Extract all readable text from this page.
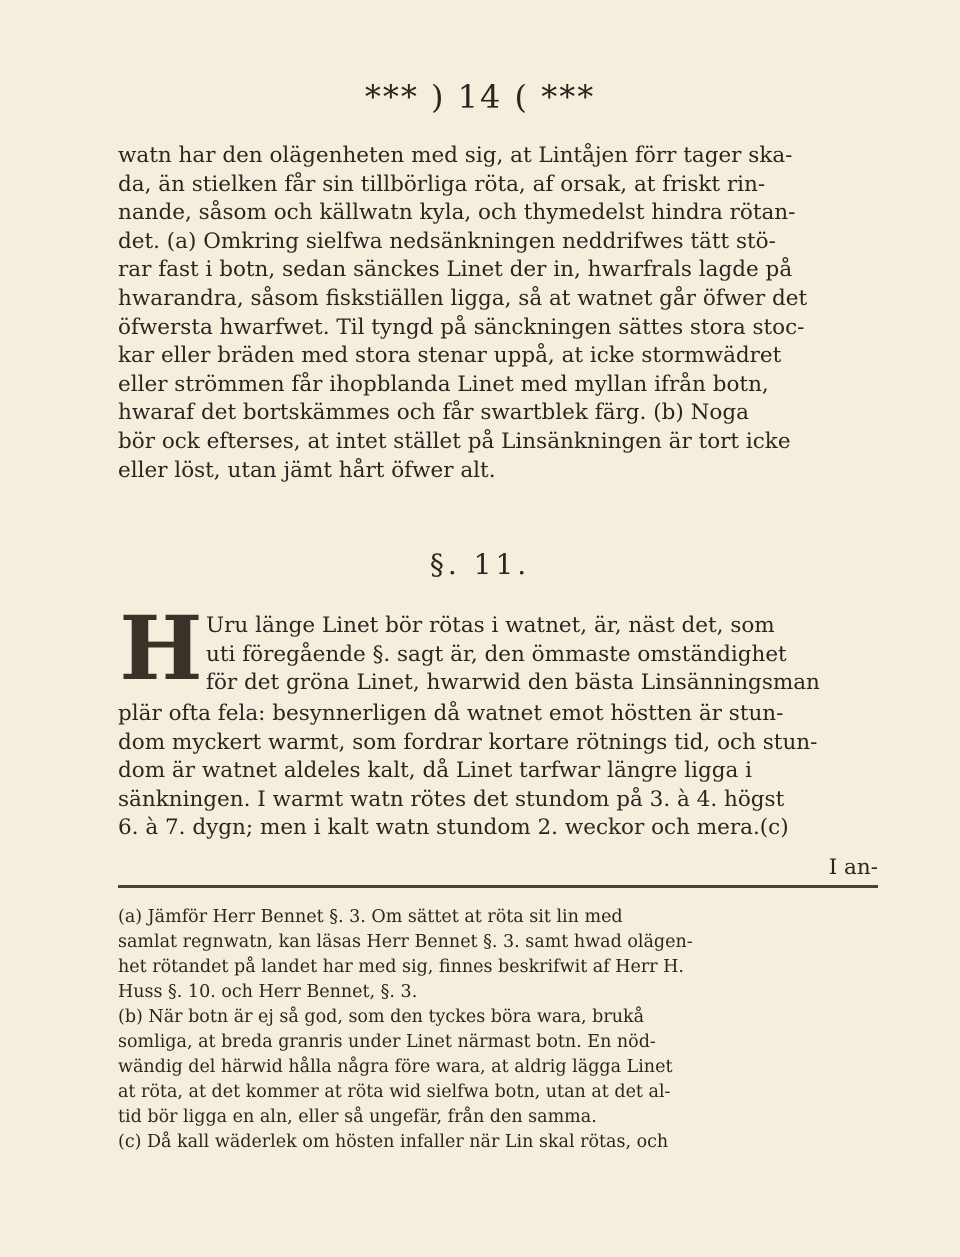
*** ) 14 ( ***
watn har den olägenheten med sig, at Lintåjen förr tager ska-
da, än stielken får sin tillbörliga röta, af orsak, at friskt rin-
nande, såsom och källwatn kyla, och thymedelst hindra rötan-
det. (a) Omkring sielfwa nedsänkningen neddrifwes tätt stö-
rar fast i botn, sedan sänckes Linet der in, hwarfrals lagde på
hwarandra, såsom fiskstiällen ligga, så at watnet går öfwer det
öfwersta hwarfwet. Til tyngd på sänckningen sättes stora stoc-
kar eller bräden med stora stenar uppå, at icke stormwädret
eller strömmen får ihopblanda Linet med myllan ifrån botn,
hwaraf det bortskämmes och får swartblek färg. (b) Noga
bör ock efterses, at intet stället på Linsänkningen är tort icke
eller löst, utan jämt hårt öfwer alt.
§. 11.
H Uru länge Linet bör rötas i watnet, är, näst det, som
uti föregående §. sagt är, den ömmaste omständighet
för det gröna Linet, hwarwid den bästa Linsänningsman
plär ofta fela: besynnerligen då watnet emot höstten är stun-
dom myckert warmt, som fordrar kortare rötnings tid, och stun-
dom är watnet aldeles kalt, då Linet tarfwar längre ligga i
sänkningen. I warmt watn rötes det stundom på 3. à 4. högst
6. à 7. dygn; men i kalt watn stundom 2. weckor och mera.(c)
I an-
(a) Jämför Herr Bennet §. 3. Om sättet at röta sit lin med
samlat regnwatn, kan läsas Herr Bennet §. 3. samt hwad olägen-
het rötandet på landet har med sig, finnes beskrifwit af Herr H.
Huss §. 10. och Herr Bennet, §. 3.
(b) När botn är ej så god, som den tyckes böra wara, brukå
somliga, at breda granris under Linet närmast botn. En nöd-
wändig del härwid hålla några före wara, at aldrig lägga Linet
at röta, at det kommer at röta wid sielfwa botn, utan at det al-
tid bör ligga en aln, eller så ungefär, från den samma.
(c) Då kall wäderlek om hösten infaller när Lin skal rötas, och
